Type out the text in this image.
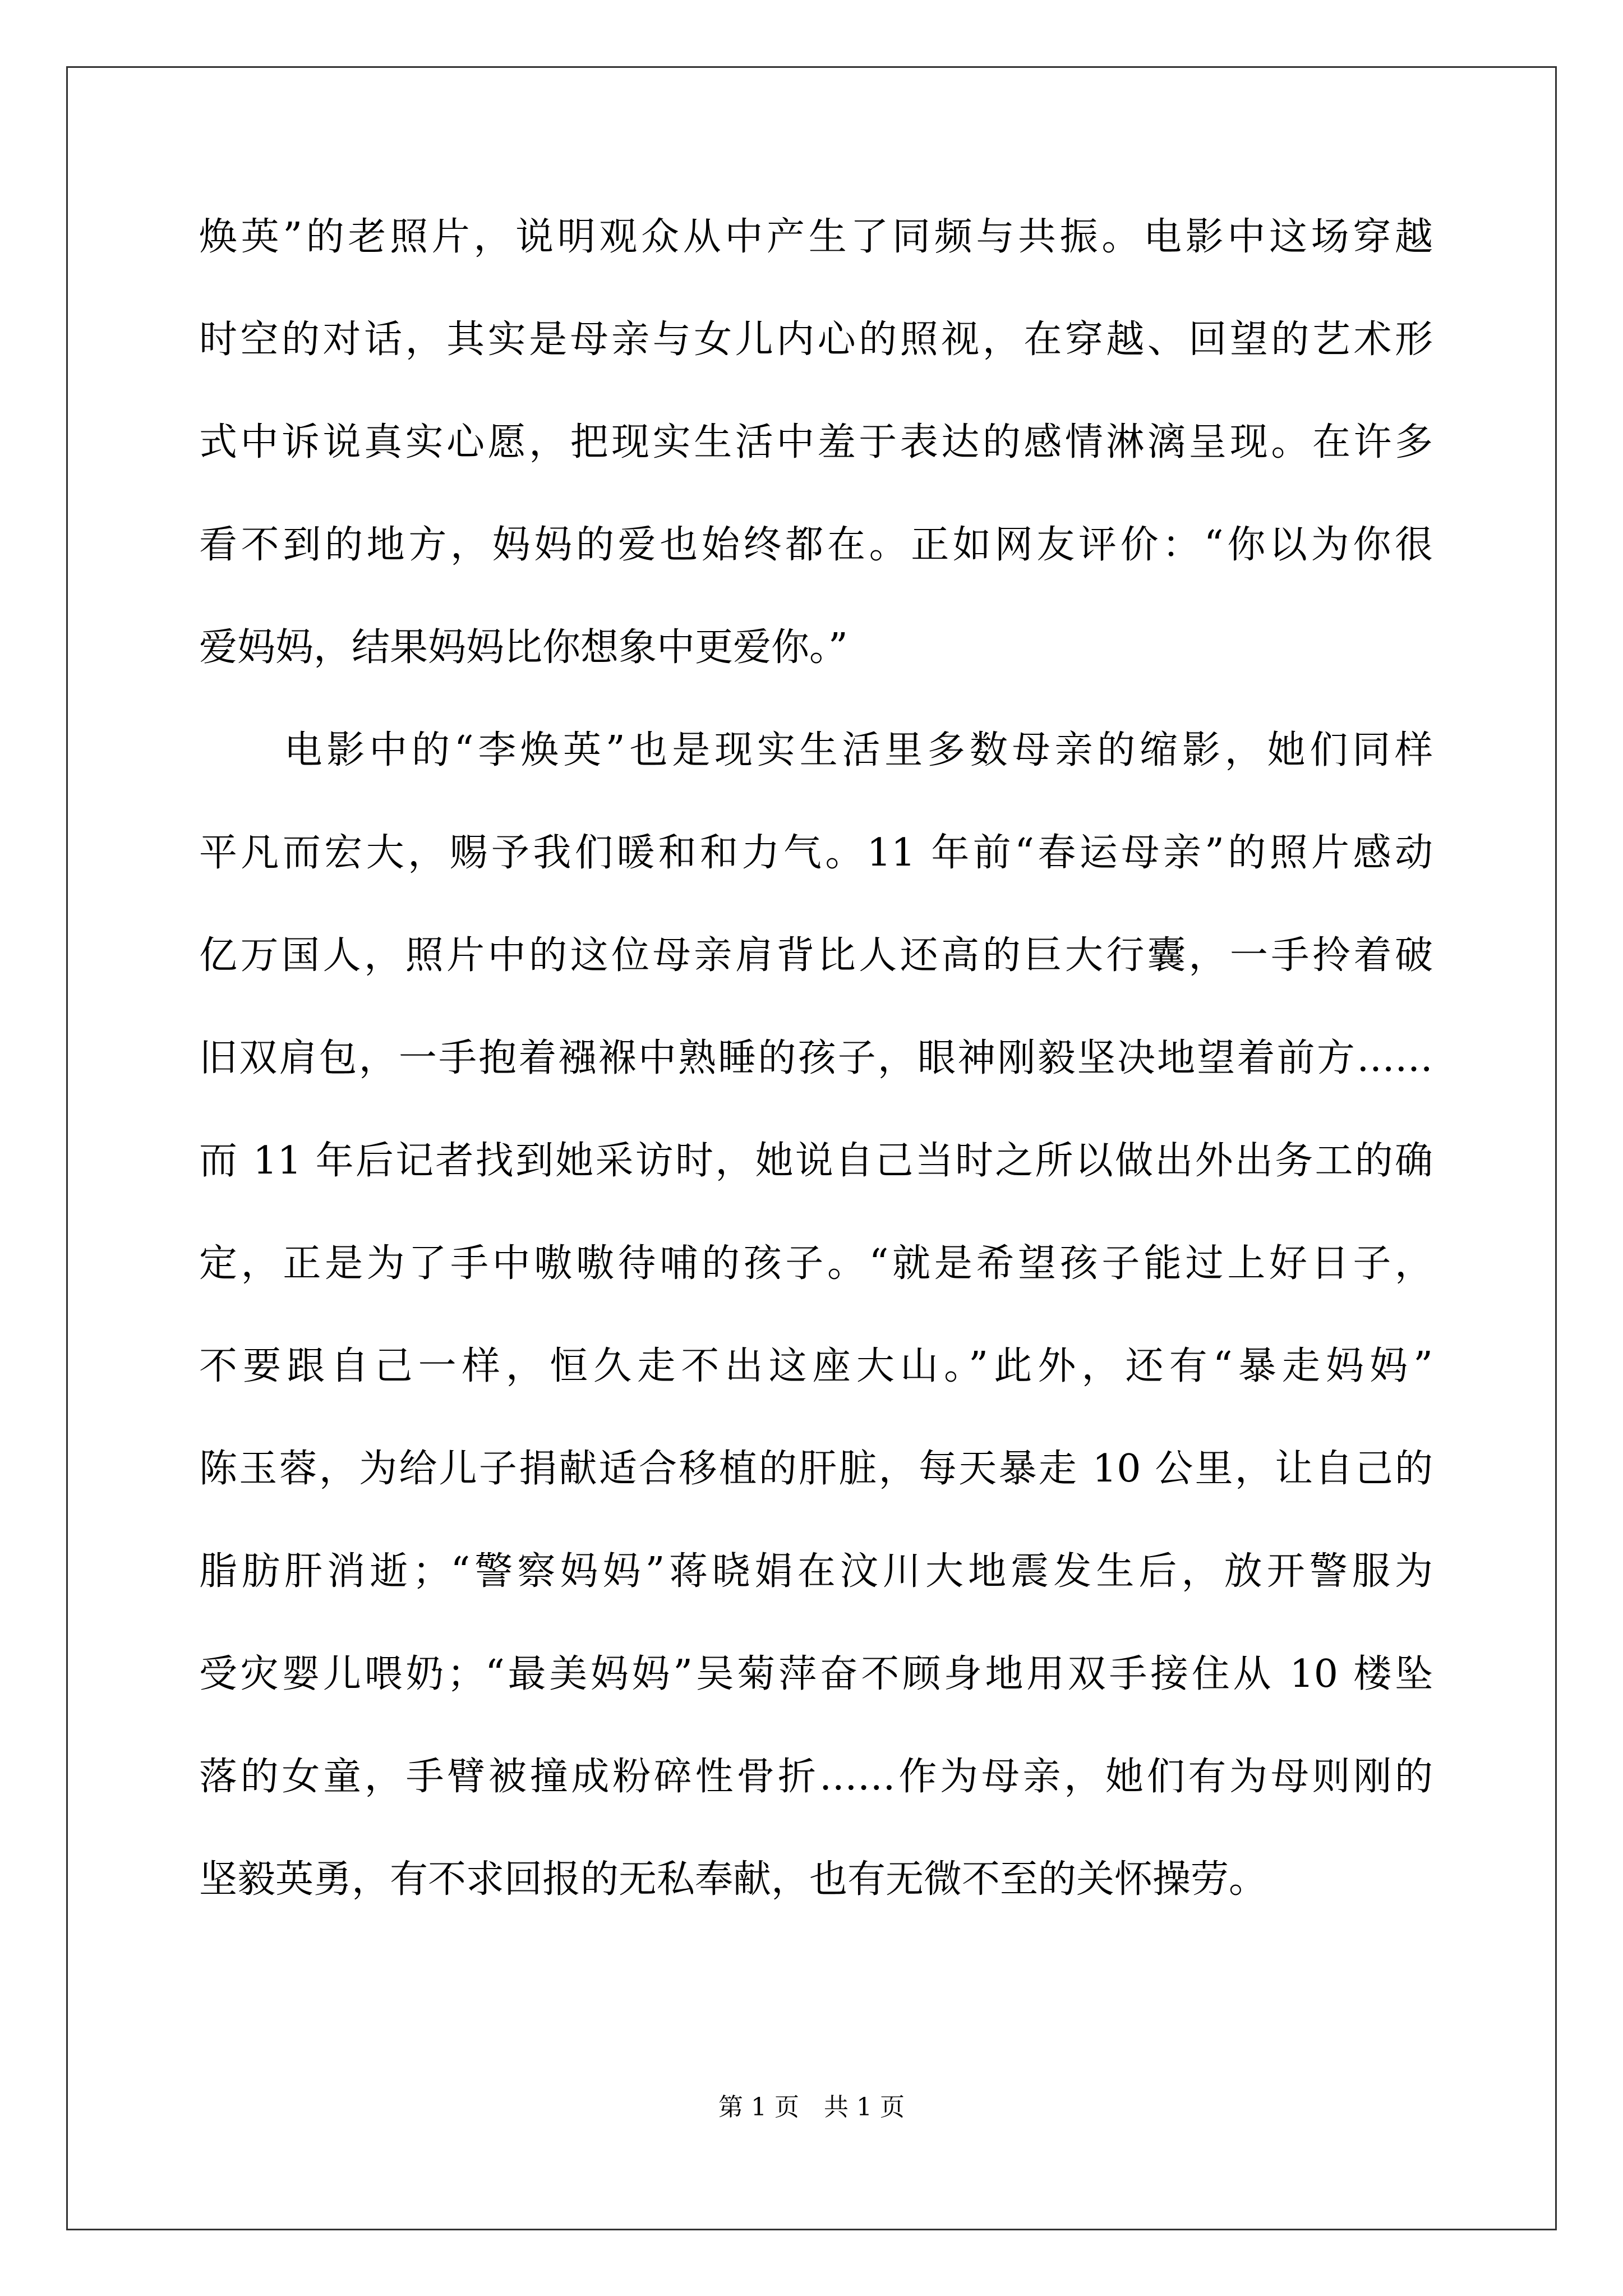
焕英”的老照片，说明观众从中产生了同频与共振。电影中这场穿越
时空的对话，其实是母亲与女儿内心的照视，在穿越、回望的艺术形
式中诉说真实心愿，把现实生活中羞于表达的感情淋漓呈现。在许多
看不到的地方，妈妈的爱也始终都在。正如网友评价：“你以为你很
爱妈妈，结果妈妈比你想象中更爱你。”
　　电影中的“李焕英”也是现实生活里多数母亲的缩影，她们同样
平凡而宏大，赐予我们暖和和力气。11 年前“春运母亲”的照片感动
亿万国人，照片中的这位母亲肩背比人还高的巨大行囊，一手拎着破
旧双肩包，一手抱着襁褓中熟睡的孩子，眼神刚毅坚决地望着前方……
而 11 年后记者找到她采访时，她说自己当时之所以做出外出务工的确
定，正是为了手中嗷嗷待哺的孩子。“就是希望孩子能过上好日子，
不要跟自己一样，恒久走不出这座大山。”此外，还有“暴走妈妈”
陈玉蓉，为给儿子捐献适合移植的肝脏，每天暴走 10 公里，让自己的
脂肪肝消逝；“警察妈妈”蒋晓娟在汶川大地震发生后，放开警服为
受灾婴儿喂奶；“最美妈妈”吴菊萍奋不顾身地用双手接住从 10 楼坠
落的女童，手臂被撞成粉碎性骨折……作为母亲，她们有为母则刚的
坚毅英勇，有不求回报的无私奉献，也有无微不至的关怀操劳。
第 1 页　共 1 页
